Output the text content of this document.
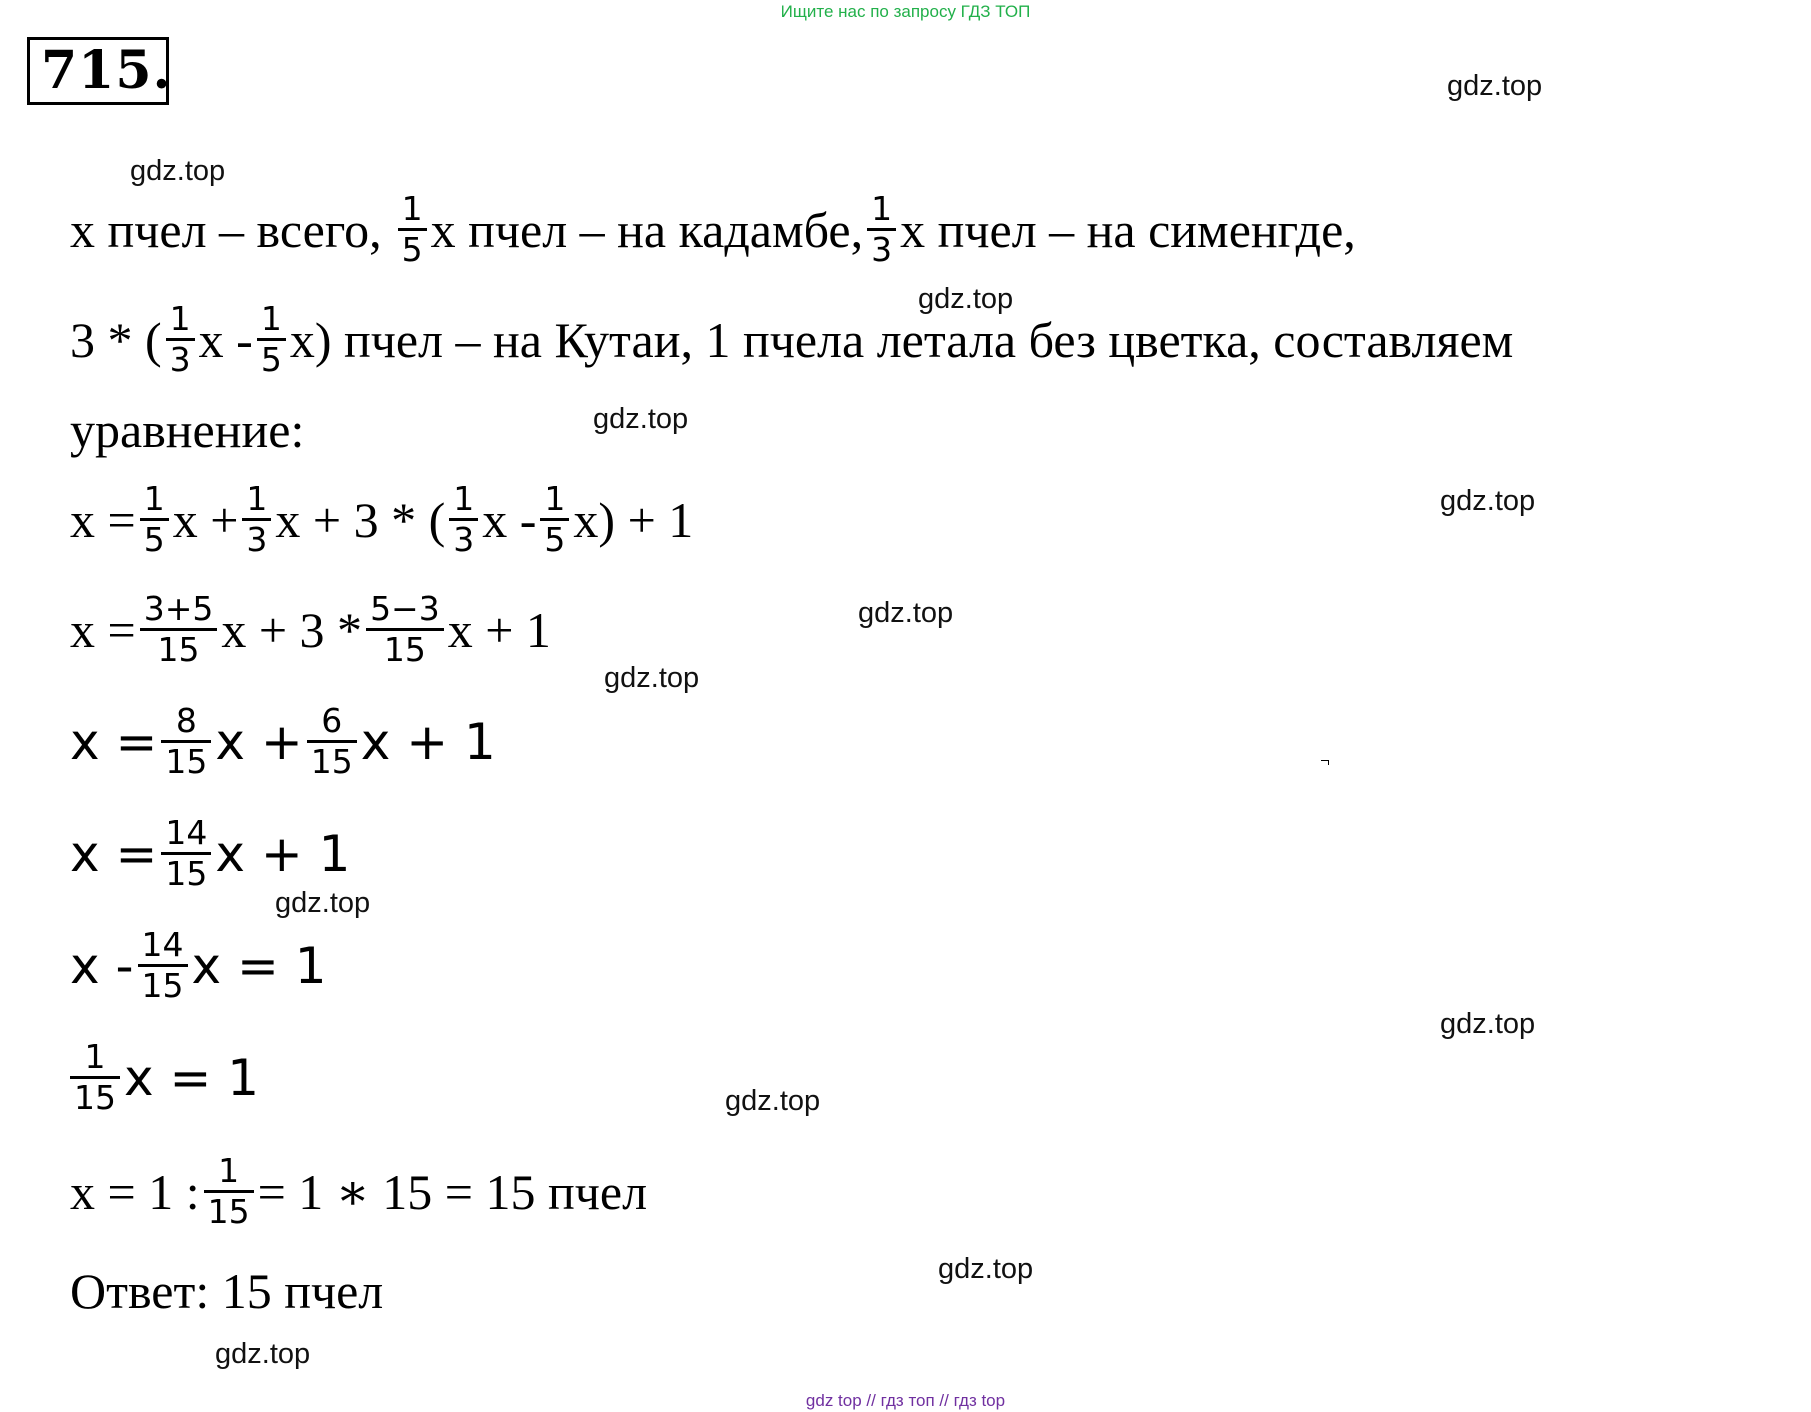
Ищите нас по запросу ГДЗ ТОП
715.	gdz.top
gdz.top
gdz.top
gdz.top
gdz.top
gdz.top
gdz.top
gdz.top
gdz.top
gdz.top
gdz.top
gdz.top
x пчел – всего, $\frac{1}{5}$ x пчел – на кадамбе, $\frac{1}{3}$ x пчел – на сименгде,
3 * ( $\frac{1}{3}$ x - $\frac{1}{5} x$) пчел – на Кутаи, 1 пчела летала без цветка, составляем
уравнение:
$x = \frac{1}{5}$ $x + \frac{1}{3}$ x + 3 * ( $\frac{1}{3}$ $x - \frac{1}{5} x) + 1$
$x = \frac{3+5}{15}$ $x + 3 * \frac{5-3}{15}$ x + 1
$x = \frac{8}{15}$ $x + \frac{6}{15}$ x + 1
$x = \frac{14}{15}$ x + 1
x - $\frac{14}{15}$ x = 1
$\frac{1}{15}$ x = 1
x = 1 : $\frac{1}{15} = 1$ ∗ 15 = 15 пчел
Ответ: 15 пчел
gdz top // гдз топ // гдз top
